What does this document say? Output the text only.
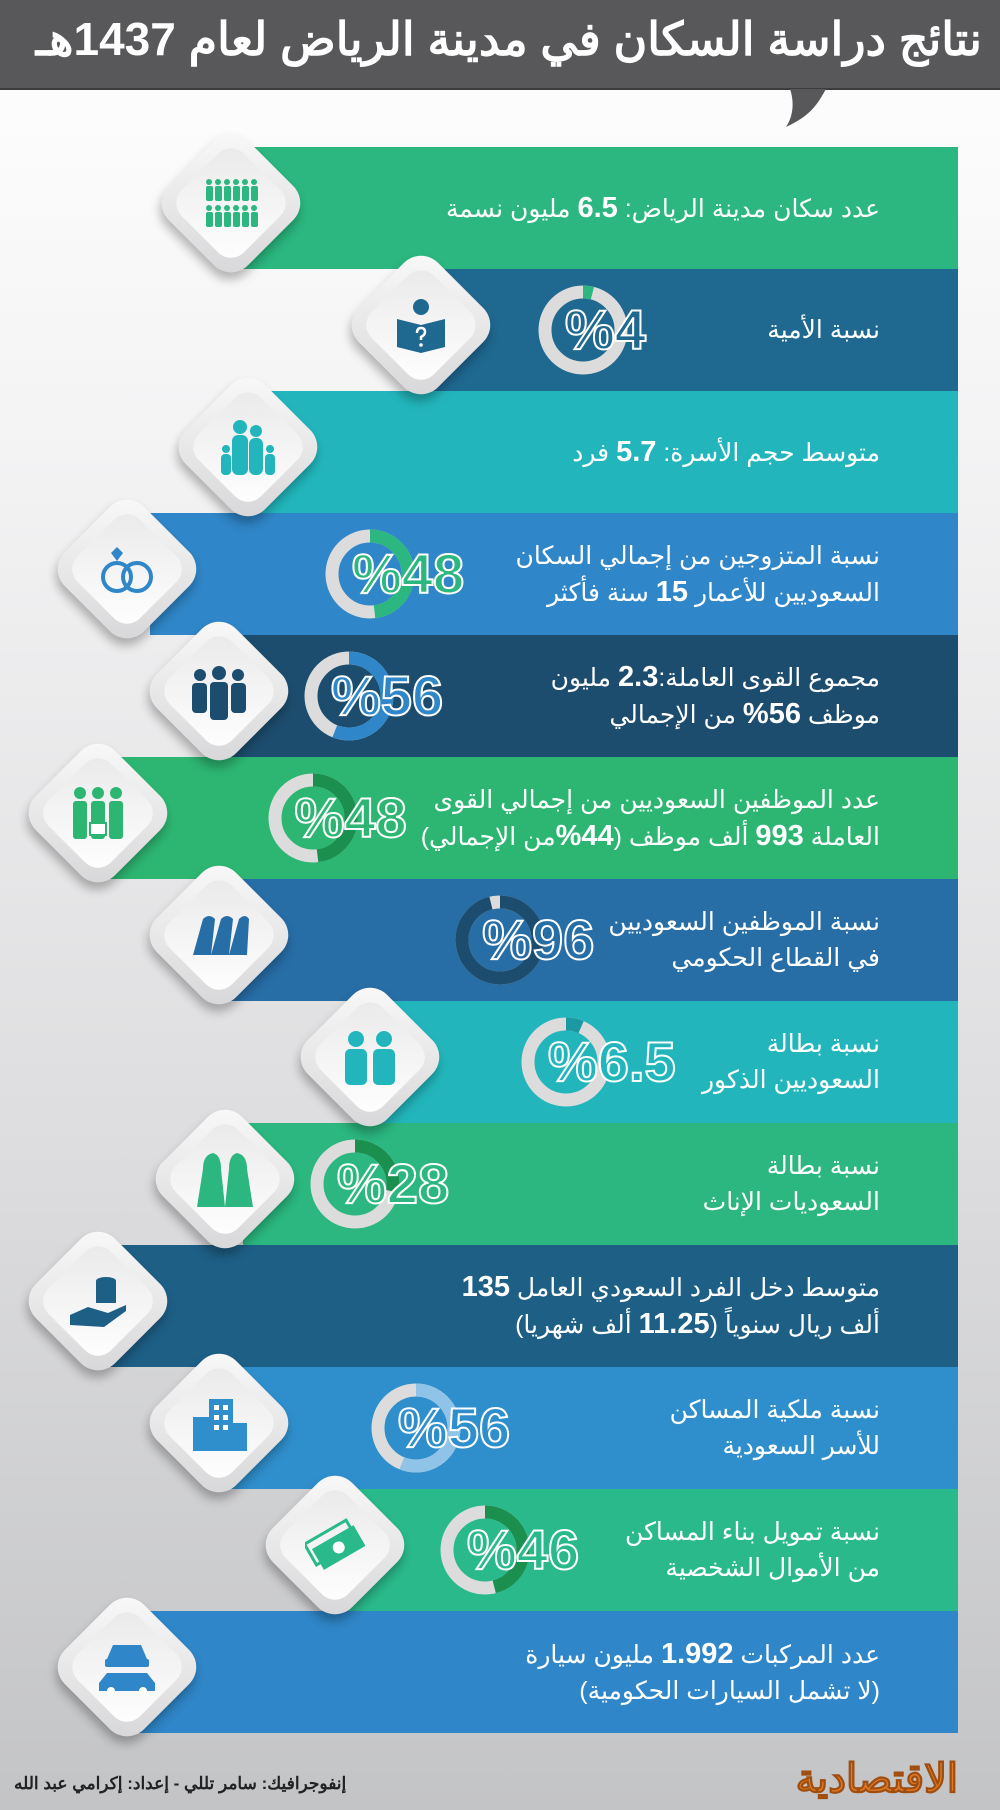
نتائج دراسة السكان في مدينة الرياض لعام 1437هـ
عدد سكان مدينة الرياض: 6.5 مليون نسمة
نسبة الأمية
%4
متوسط حجم الأسرة: 5.7 فرد
نسبة المتزوجين من إجمالي السكان
السعوديين للأعمار 15 سنة فأكثر
%48
مجموع القوى العاملة:2.3 مليون
موظف 56% من الإجمالي
%56
عدد الموظفين السعوديين من إجمالي القوى
العاملة 993 ألف موظف (44%من الإجمالي)
%48
نسبة الموظفين السعوديين
في القطاع الحكومي
%96
نسبة بطالة
السعوديين الذكور
%6.5
نسبة بطالة
السعوديات الإناث
%28
متوسط دخل الفرد السعودي العامل 135
ألف ريال سنوياً (11.25 ألف شهريا)
نسبة ملكية المساكن
للأسر السعودية
%56
نسبة تمويل بناء المساكن
من الأموال الشخصية
%46
عدد المركبات 1.992 مليون سيارة
(لا تشمل السيارات الحكومية)
إنفوجرافيك: سامر تللي - إعداد: إكرامي عبد الله	الاقتصادية
